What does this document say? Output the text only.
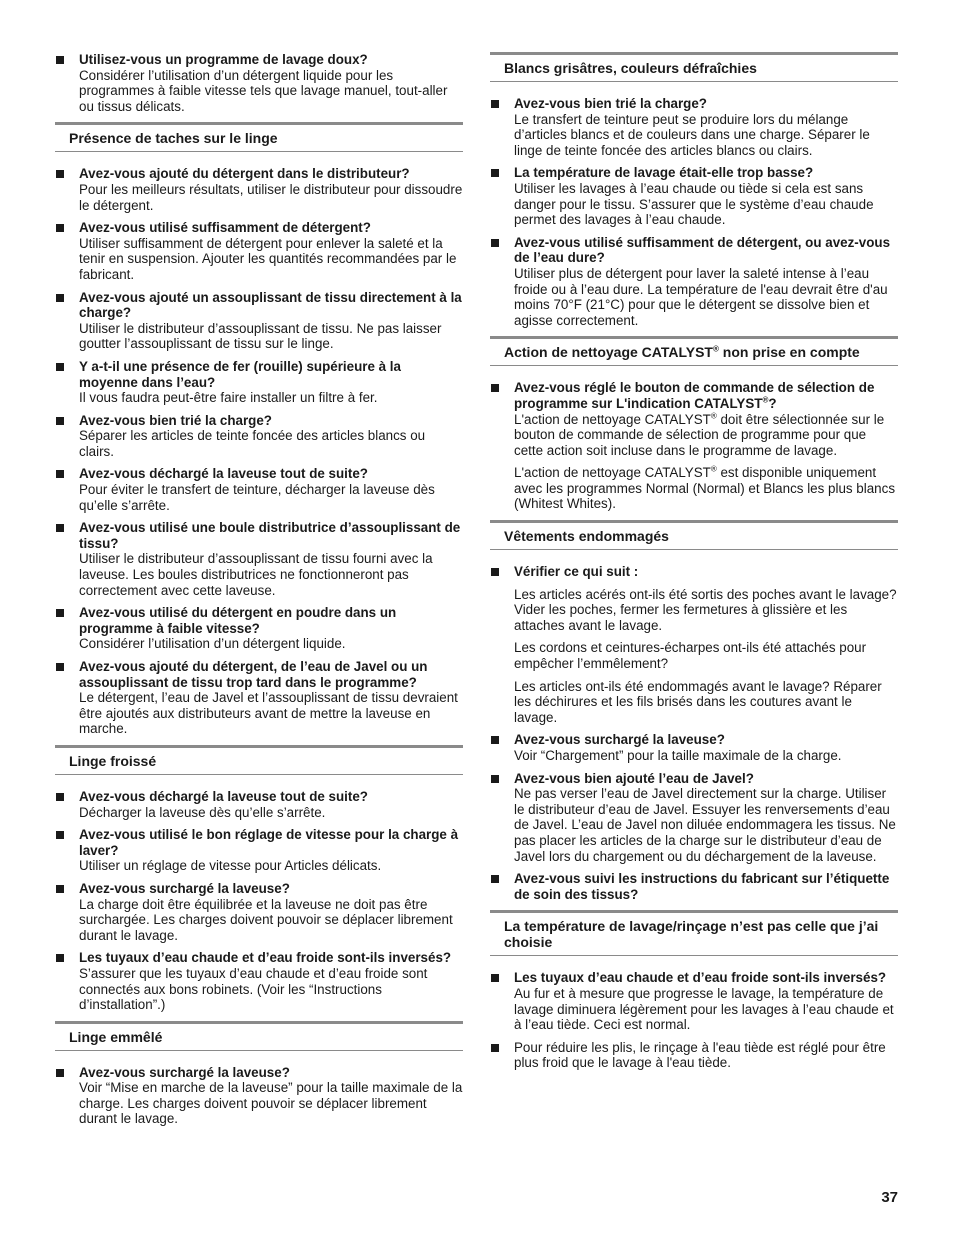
Utilisez-vous un programme de lavage doux?
Considérer l’utilisation d’un détergent liquide pour les programmes à faible vitesse tels que lavage manuel, tout-aller ou tissus délicats.
Présence de taches sur le linge
Avez-vous ajouté du détergent dans le distributeur?
Pour les meilleurs résultats, utiliser le distributeur pour dissoudre le détergent.
Avez-vous utilisé suffisamment de détergent?
Utiliser suffisamment de détergent pour enlever la saleté et la tenir en suspension. Ajouter les quantités recommandées par le fabricant.
Avez-vous ajouté un assouplissant de tissu directement à la charge?
Utiliser le distributeur d’assouplissant de tissu. Ne pas laisser goutter l’assouplissant de tissu sur le linge.
Y a-t-il une présence de fer (rouille) supérieure à la moyenne dans l’eau?
Il vous faudra peut-être faire installer un filtre à fer.
Avez-vous bien trié la charge?
Séparer les articles de teinte foncée des articles blancs ou clairs.
Avez-vous déchargé la laveuse tout de suite?
Pour éviter le transfert de teinture, décharger la laveuse dès qu’elle s’arrête.
Avez-vous utilisé une boule distributrice d’assouplissant de tissu?
Utiliser le distributeur d’assouplissant de tissu fourni avec la laveuse. Les boules distributrices ne fonctionneront pas correctement avec cette laveuse.
Avez-vous utilisé du détergent en poudre dans un programme à faible vitesse?
Considérer l’utilisation d’un détergent liquide.
Avez-vous ajouté du détergent, de l’eau de Javel ou un assouplissant de tissu trop tard dans le programme?
Le détergent, l’eau de Javel et l’assouplissant de tissu devraient être ajoutés aux distributeurs avant de mettre la laveuse en marche.
Linge froissé
Avez-vous déchargé la laveuse tout de suite?
Décharger la laveuse dès qu’elle s’arrête.
Avez-vous utilisé le bon réglage de vitesse pour la charge à laver?
Utiliser un réglage de vitesse pour Articles délicats.
Avez-vous surchargé la laveuse?
La charge doit être équilibrée et la laveuse ne doit pas être surchargée. Les charges doivent pouvoir se déplacer librement durant le lavage.
Les tuyaux d’eau chaude et d’eau froide sont-ils inversés?
S’assurer que les tuyaux d’eau chaude et d’eau froide sont connectés aux bons robinets. (Voir les “Instructions d’installation”.)
Linge emmêlé
Avez-vous surchargé la laveuse?
Voir “Mise en marche de la laveuse” pour la taille maximale de la charge. Les charges doivent pouvoir se déplacer librement durant le lavage.
Blancs grisâtres, couleurs défraîchies
Avez-vous bien trié la charge?
Le transfert de teinture peut se produire lors du mélange d’articles blancs et de couleurs dans une charge. Séparer le linge de teinte foncée des articles blancs ou clairs.
La température de lavage était-elle trop basse?
Utiliser les lavages à l’eau chaude ou tiède si cela est sans danger pour le tissu. S’assurer que le système d’eau chaude permet des lavages à l’eau chaude.
Avez-vous utilisé suffisamment de détergent, ou avez-vous de l’eau dure?
Utiliser plus de détergent pour laver la saleté intense à l’eau froide ou à l’eau dure. La température de l'eau devrait être d'au moins 70°F (21°C) pour que le détergent se dissolve bien et agisse correctement.
Action de nettoyage CATALYST® non prise en compte
Avez-vous réglé le bouton de commande de sélection de programme sur L'indication CATALYST®?
L'action de nettoyage CATALYST® doit être sélectionnée sur le bouton de commande de sélection de programme pour que cette action soit incluse dans le programme de lavage.
L'action de nettoyage CATALYST® est disponible uniquement avec les programmes Normal (Normal) et Blancs les plus blancs (Whitest Whites).
Vêtements endommagés
Vérifier ce qui suit :
Les articles acérés ont-ils été sortis des poches avant le lavage? Vider les poches, fermer les fermetures à glissière et les attaches avant le lavage.
Les cordons et ceintures-écharpes ont-ils été attachés pour empêcher l’emmêlement?
Les articles ont-ils été endommagés avant le lavage? Réparer les déchirures et les fils brisés dans les coutures avant le lavage.
Avez-vous surchargé la laveuse?
Voir “Chargement” pour la taille maximale de la charge.
Avez-vous bien ajouté l’eau de Javel?
Ne pas verser l’eau de Javel directement sur la charge. Utiliser le distributeur d’eau de Javel. Essuyer les renversements d’eau de Javel. L’eau de Javel non diluée endommagera les tissus. Ne pas placer les articles de la charge sur le distributeur d’eau de Javel lors du chargement ou du déchargement de la laveuse.
Avez-vous suivi les instructions du fabricant sur l’étiquette de soin des tissus?
La température de lavage/rinçage n’est pas celle que j’ai choisie
Les tuyaux d’eau chaude et d’eau froide sont-ils inversés?
Au fur et à mesure que progresse le lavage, la température de lavage diminuera légèrement pour les lavages à l’eau chaude et à l’eau tiède. Ceci est normal.
Pour réduire les plis, le rinçage à l'eau tiède est réglé pour être plus froid que le lavage à l'eau tiède.
37
